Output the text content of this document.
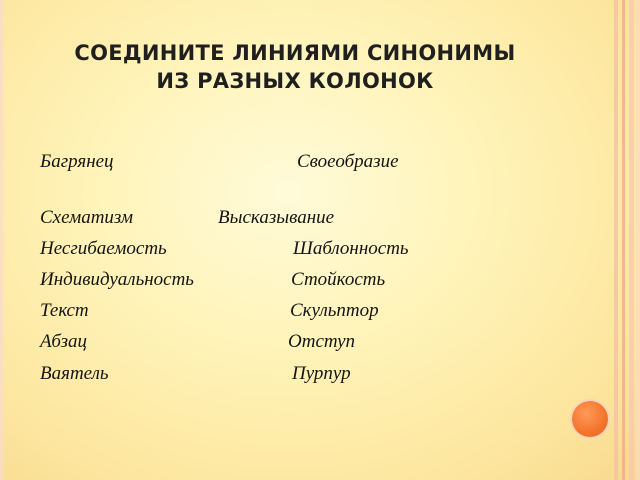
СОЕДИНИТЕ ЛИНИЯМИ СИНОНИМЫ
ИЗ РАЗНЫХ КОЛОНОК
Багрянец
Схематизм
Несгибаемость
Индивидуальность
Текст
Абзац
Ваятель
Своеобразие
Высказывание
Шаблонность
Стойкость
Скульптор
Отступ
Пурпур
